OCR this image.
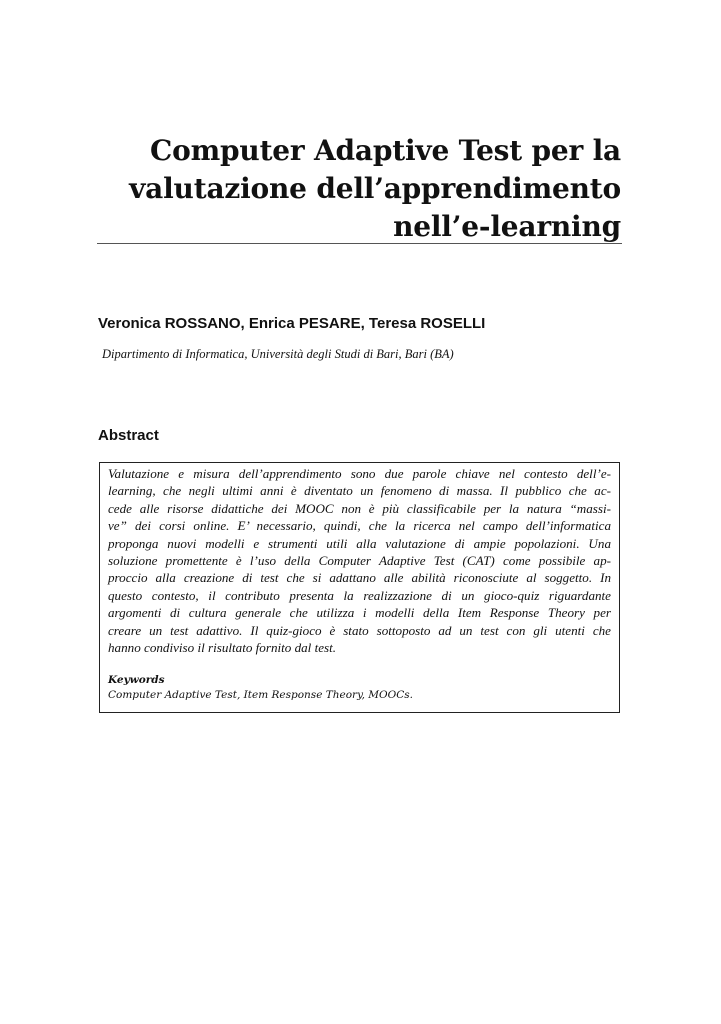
Computer Adaptive Test per la
valutazione dell’apprendimento
nell’e-learning

Veronica ROSSANO, Enrica PESARE, Teresa ROSELLI

Dipartimento di Informatica, Università degli Studi di Bari, Bari (BA)

Abstract
Valutazione e misura dell’apprendimento sono due parole chiave nel contesto dell’e-
learning, che negli ultimi anni è diventato un fenomeno di massa. Il pubblico che ac-
cede alle risorse didattiche dei MOOC non è più classificabile per la natura “massi-
ve” dei corsi online. E’ necessario, quindi, che la ricerca nel campo dell’informatica
proponga nuovi modelli e strumenti utili alla valutazione di ampie popolazioni. Una
soluzione promettente è l’uso della Computer Adaptive Test (CAT) come possibile ap-
proccio alla creazione di test che si adattano alle abilità riconosciute al soggetto. In
questo contesto, il contributo presenta la realizzazione di un gioco-quiz riguardante
argomenti di cultura generale che utilizza i modelli della Item Response Theory per
creare un test adattivo. Il quiz-gioco è stato sottoposto ad un test con gli utenti che
hanno condiviso il risultato fornito dal test.
Keywords
Computer Adaptive Test, Item Response Theory, MOOCs.
